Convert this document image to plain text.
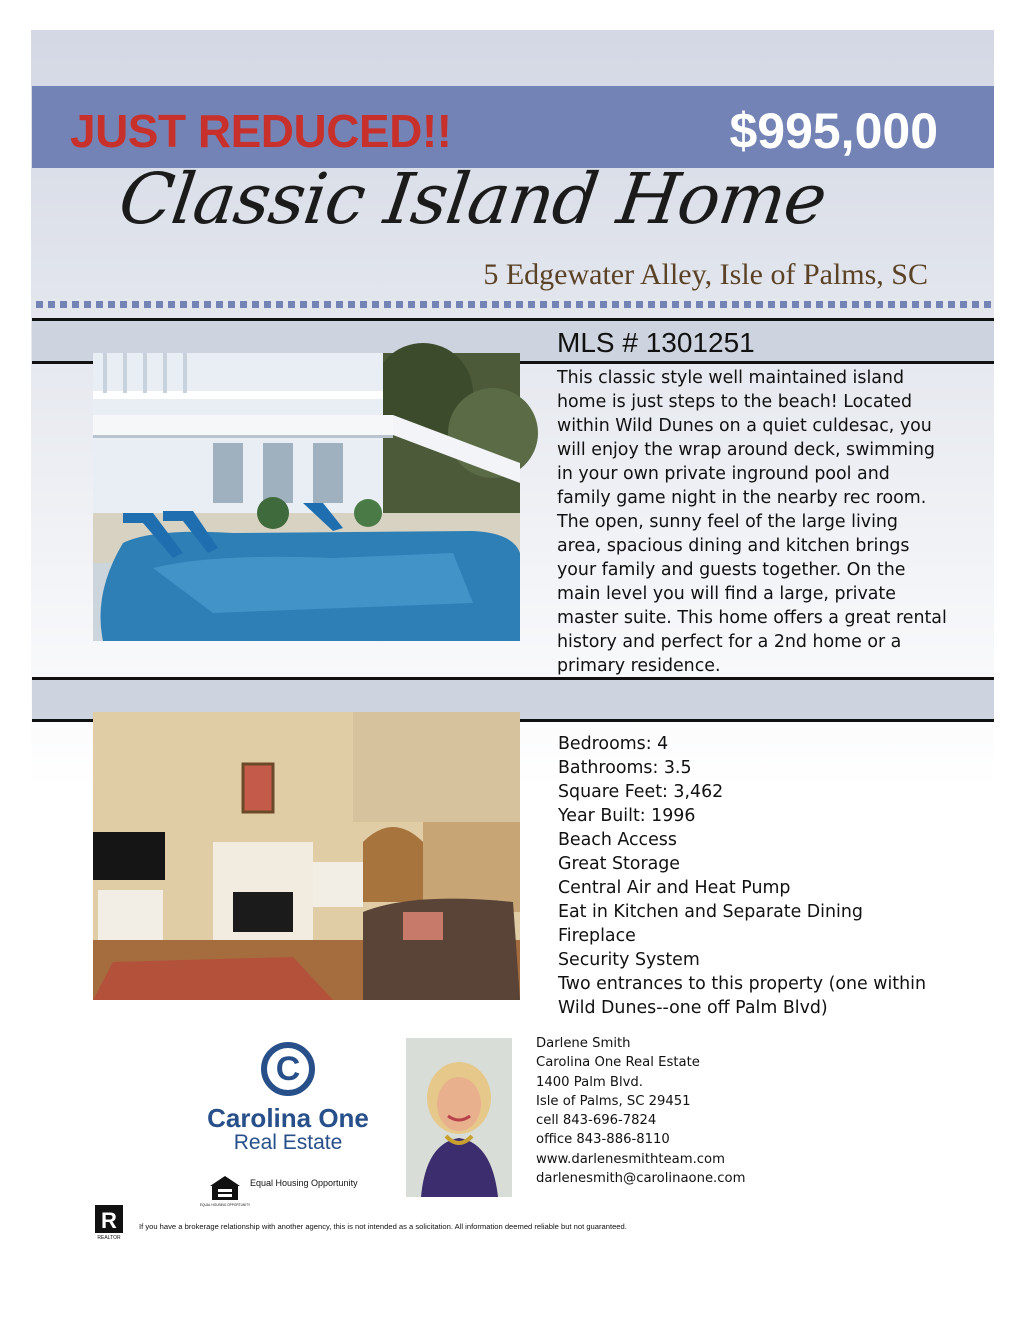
JUST REDUCED!!	$995,000
Classic Island Home
5 Edgewater Alley, Isle of Palms, SC
MLS # 1301251
This classic style well maintained island home is just steps to the beach! Located within Wild Dunes on a quiet culdesac, you will enjoy the wrap around deck, swimming in your own private inground pool and family game night in the nearby rec room. The open, sunny feel of the large living area, spacious dining and kitchen brings your family and guests together. On the main level you will find a large, private master suite. This home offers a great rental history and perfect for a 2nd home or a primary residence.
Bedrooms: 4
Bathrooms: 3.5
Square Feet: 3,462
Year Built: 1996
Beach Access
Great Storage
Central Air and Heat Pump
Eat in Kitchen and Separate Dining
Fireplace
Security System
Two entrances to this property (one within Wild Dunes--one off Palm Blvd)
C
Carolina One
Real Estate
EQUAL HOUSING OPPORTUNITY
Equal Housing Opportunity
Darlene Smith
Carolina One Real Estate
1400 Palm Blvd.
Isle of Palms, SC 29451
cell 843-696-7824
office 843-886-8110
www.darlenesmithteam.com
darlenesmith@carolinaone.com
R
REALTOR
If you have a brokerage relationship with another agency, this is not intended as a solicitation. All information deemed reliable but not guaranteed.
